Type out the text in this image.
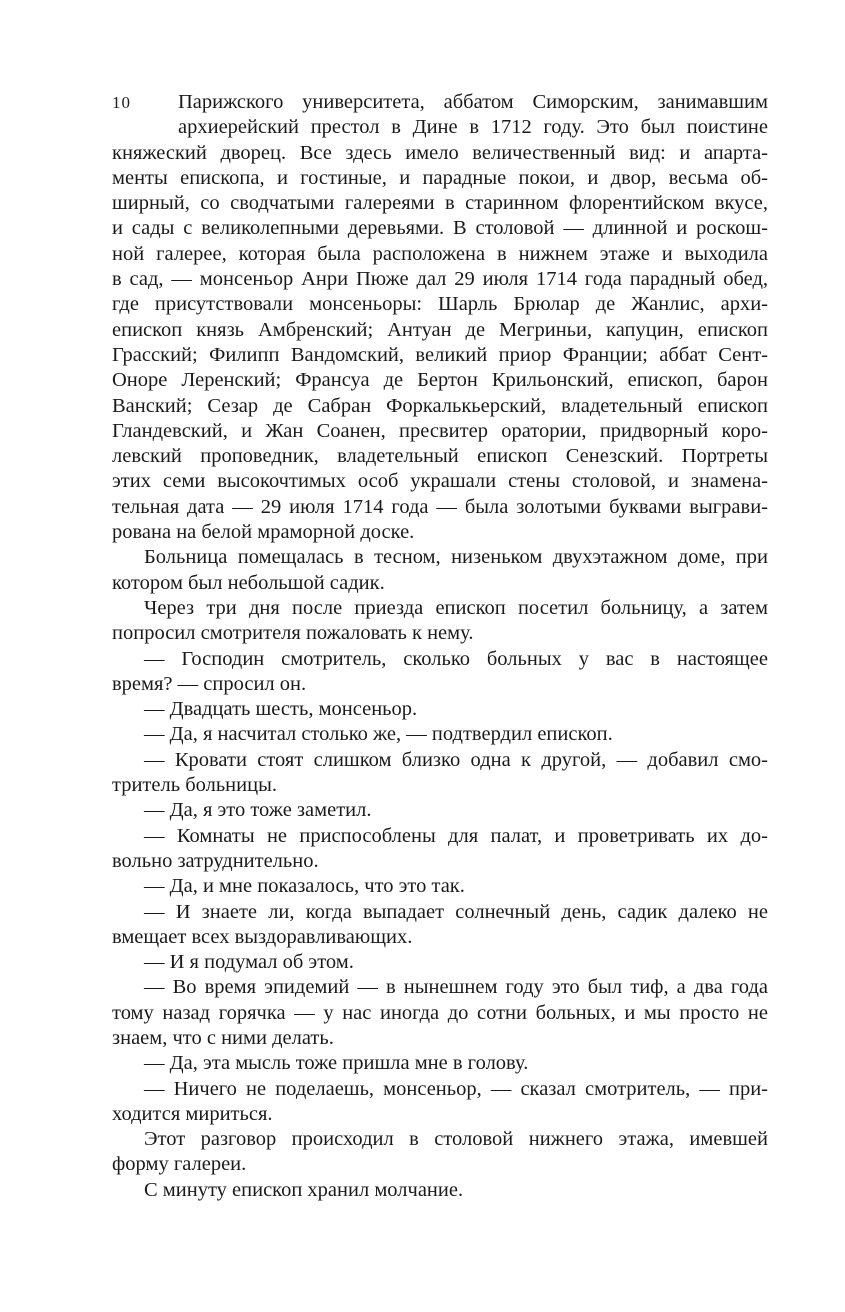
10	Парижского университета, аббатом Симорским, занимавшим
архиерейский престол в Дине в 1712 году. Это был поистине
княжеский дворец. Все здесь имело величественный вид: и апарта-
менты епископа, и гостиные, и парадные покои, и двор, весьма об-
ширный, со сводчатыми галереями в старинном флорентийском вкусе,
и сады с великолепными деревьями. В столовой — длинной и роскош-
ной галерее, которая была расположена в нижнем этаже и выходила
в сад, — монсеньор Анри Пюже дал 29 июля 1714 года парадный обед,
где присутствовали монсеньоры: Шарль Брюлар де Жанлис, архи-
епископ князь Амбренский; Антуан де Мегриньи, капуцин, епископ
Грасский; Филипп Вандомский, великий приор Франции; аббат Сент-
Оноре Леренский; Франсуа де Бертон Крильонский, епископ, барон
Ванский; Сезар де Сабран Форкалькьерский, владетельный епископ
Гландевский, и Жан Соанен, пресвитер оратории, придворный коро-
левский проповедник, владетельный епископ Сенезский. Портреты
этих семи высокочтимых особ украшали стены столовой, и знамена-
тельная дата — 29 июля 1714 года — была золотыми буквами выграви-
рована на белой мраморной доске.
Больница помещалась в тесном, низеньком двухэтажном доме, при
котором был небольшой садик.
Через три дня после приезда епископ посетил больницу, а затем
попросил смотрителя пожаловать к нему.
— Господин смотритель, сколько больных у вас в настоящее
время? — спросил он.
— Двадцать шесть, монсеньор.
— Да, я насчитал столько же, — подтвердил епископ.
— Кровати стоят слишком близко одна к другой, — добавил смо-
тритель больницы.
— Да, я это тоже заметил.
— Комнаты не приспособлены для палат, и проветривать их до-
вольно затруднительно.
— Да, и мне показалось, что это так.
— И знаете ли, когда выпадает солнечный день, садик далеко не
вмещает всех выздоравливающих.
— И я подумал об этом.
— Во время эпидемий — в нынешнем году это был тиф, а два года
тому назад горячка — у нас иногда до сотни больных, и мы просто не
знаем, что с ними делать.
— Да, эта мысль тоже пришла мне в голову.
— Ничего не поделаешь, монсеньор, — сказал смотритель, — при-
ходится мириться.
Этот разговор происходил в столовой нижнего этажа, имевшей
форму галереи.
С минуту епископ хранил молчание.
